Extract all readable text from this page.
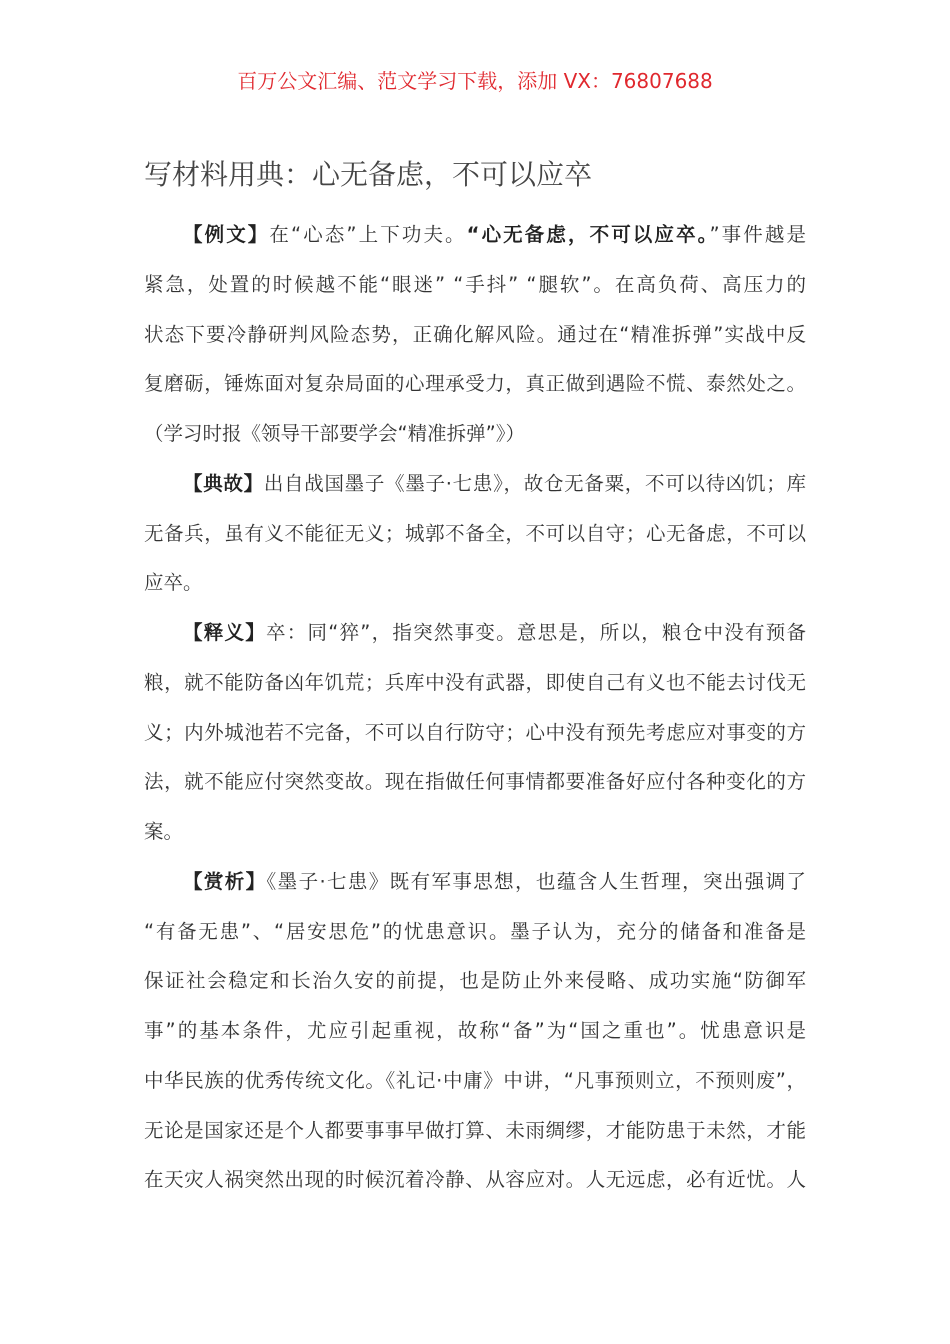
百万公文汇编、范文学习下载，添加 VX：76807688
写材料用典：心无备虑，不可以应卒
【例文】在“心态”上下功夫。“心无备虑，不可以应卒。”事件越是
紧急，处置的时候越不能“眼迷” “手抖” “腿软”。在高负荷、高压力的
状态下要冷静研判风险态势，正确化解风险。通过在“精准拆弹”实战中反
复磨砺，锤炼面对复杂局面的心理承受力，真正做到遇险不慌、泰然处之。
（学习时报《领导干部要学会“精准拆弹”》）
【典故】出自战国墨子《墨子·七患》，故仓无备粟，不可以待凶饥；库
无备兵，虽有义不能征无义；城郭不备全，不可以自守；心无备虑，不可以
应卒。
【释义】卒：同“猝”，指突然事变。意思是，所以，粮仓中没有预备
粮，就不能防备凶年饥荒；兵库中没有武器，即使自己有义也不能去讨伐无
义；内外城池若不完备，不可以自行防守；心中没有预先考虑应对事变的方
法，就不能应付突然变故。现在指做任何事情都要准备好应付各种变化的方
案。
【赏析】《墨子·七患》既有军事思想，也蕴含人生哲理，突出强调了
“有备无患”、“居安思危”的忧患意识。墨子认为，充分的储备和准备是
保证社会稳定和长治久安的前提，也是防止外来侵略、成功实施“防御军
事”的基本条件，尤应引起重视，故称“备”为“国之重也”。忧患意识是
中华民族的优秀传统文化。《礼记·中庸》中讲，“凡事预则立，不预则废”，
无论是国家还是个人都要事事早做打算、未雨绸缪，才能防患于未然，才能
在天灾人祸突然出现的时候沉着冷静、从容应对。人无远虑，必有近忧。人
